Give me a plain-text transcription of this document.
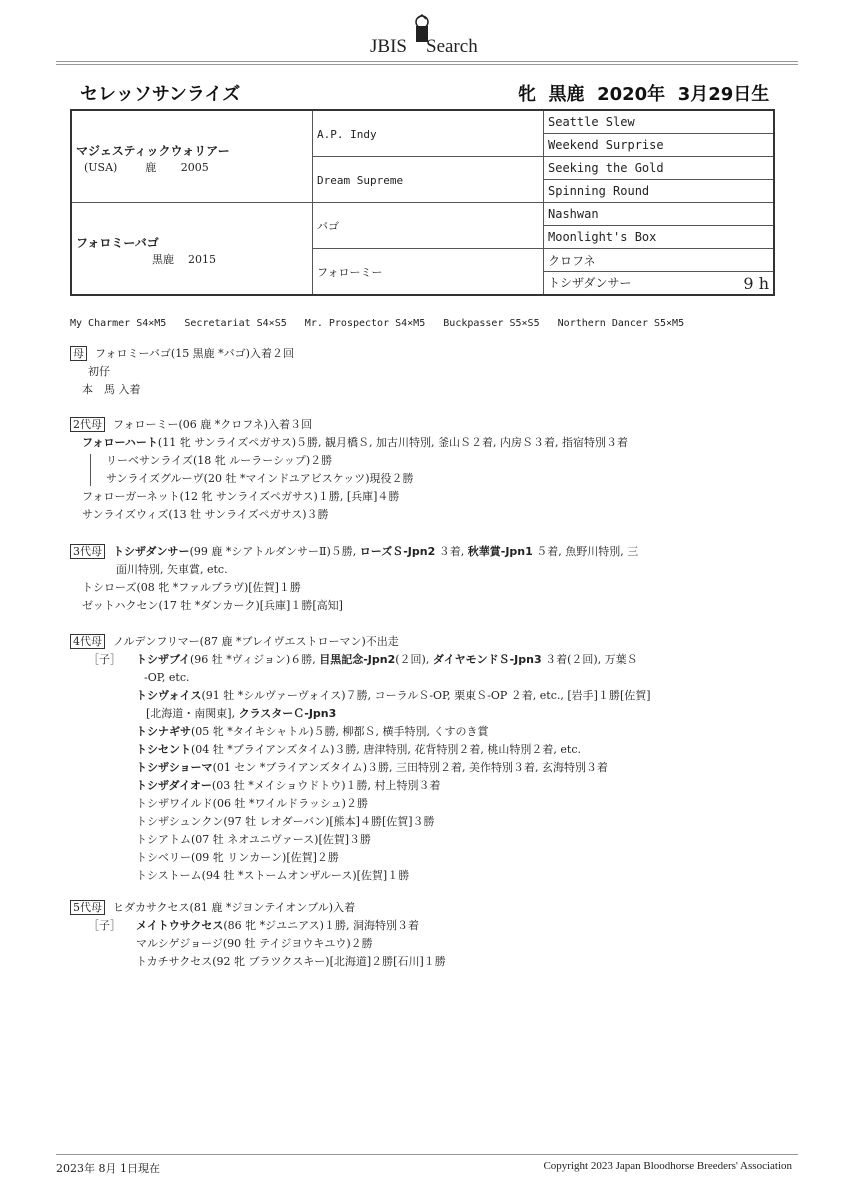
JBIS Search
セレッソサンライズ	牝  黒鹿  2020年  3月29日生
マジェスティックウォリアー
(USA)        鹿       2005	A.P. Indy	Seattle Slew
		Weekend Surprise
	Dream Supreme	Seeking the Gold
		Spinning Round

フォロミーバゴ
黒鹿    2015	バゴ	Nashwan
		Moonlight's Box
	フォローミー	クロフネ
		トシザダンサー 9 h
My Charmer S4×M5   Secretariat S4×S5   Mr. Prospector S4×M5   Buckpasser S5×S5   Northern Dancer S5×M5
母 フォロミーバゴ(15 黒鹿 *バゴ)入着２回
初仔
本　馬 入着
2代母 フォローミー(06 鹿 *クロフネ)入着３回
フォローハート(11 牝 サンライズペガサス)５勝, 観月橋Ｓ, 加古川特別, 釜山Ｓ２着, 内房Ｓ３着, 指宿特別３着
リーベサンライズ(18 牝 ルーラーシップ)２勝
サンライズグルーヴ(20 牡 *マインドユアビスケッツ)現役２勝
フォローガーネット(12 牝 サンライズペガサス)１勝, [兵庫]４勝
サンライズウィズ(13 牡 サンライズペガサス)３勝
3代母 トシザダンサー(99 鹿 *シアトルダンサーⅡ)５勝, ローズＳ-Jpn2 ３着, 秋華賞-Jpn1 ５着, 魚野川特別, 三
面川特別, 矢車賞, etc.
トシローズ(08 牝 *ファルブラヴ)[佐賀]１勝
ゼットハクセン(17 牡 *ダンカーク)[兵庫]１勝[高知]
4代母 ノルデンフリマー(87 鹿 *ブレイヴエストローマン)不出走
［子］ トシザブイ(96 牡 *ヴィジョン)６勝, 目黒記念-Jpn2(２回), ダイヤモンドＳ-Jpn3 ３着(２回), 万葉Ｓ
-OP, etc.
トシヴォイス(91 牡 *シルヴァーヴォイス)７勝, コーラルＳ-OP, 栗東Ｓ-OP ２着, etc., [岩手]１勝[佐賀]
[北海道・南関東], クラスターＣ-Jpn3
トシナギサ(05 牝 *タイキシャトル)５勝, 柳都Ｓ, 横手特別, くすのき賞
トシセント(04 牡 *ブライアンズタイム)３勝, 唐津特別, 花背特別２着, 桃山特別２着, etc.
トシザショーマ(01 セン *ブライアンズタイム)３勝, 三田特別２着, 美作特別３着, 玄海特別３着
トシザダイオー(03 牡 *メイショウドトウ)１勝, 村上特別３着
トシザワイルド(06 牡 *ワイルドラッシュ)２勝
トシザシュンクン(97 牡 レオダーバン)[熊本]４勝[佐賀]３勝
トシアトム(07 牡 ネオユニヴァース)[佐賀]３勝
トシベリー(09 牝 リンカーン)[佐賀]２勝
トシストーム(94 牡 *ストームオンザルース)[佐賀]１勝
5代母 ヒダカサクセス(81 鹿 *ジヨンテイオンブル)入着
［子］ メイトウサクセス(86 牝 *ジユニアス)１勝, 洞海特別３着
マルシゲジョージ(90 牡 テイジヨウキユウ)２勝
トカチサクセス(92 牝 ブラツクスキー)[北海道]２勝[石川]１勝
2023年 8月 1日現在	Copyright 2023 Japan Bloodhorse Breeders' Association
